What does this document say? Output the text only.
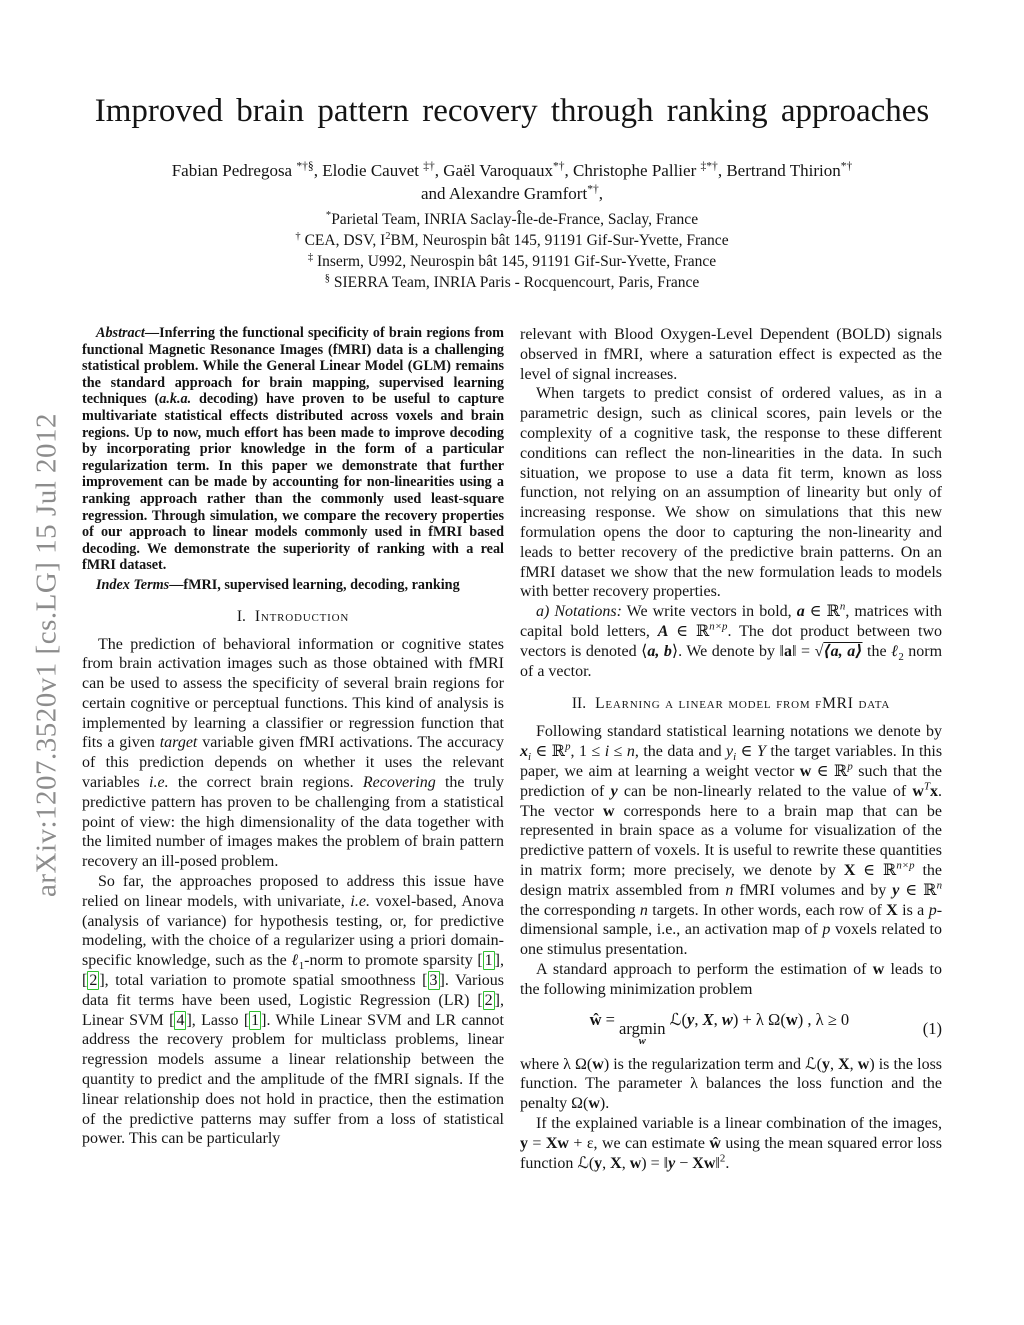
arXiv:1207.3520v1 [cs.LG] 15 Jul 2012
Improved brain pattern recovery through ranking approaches
Fabian Pedregosa *†§, Elodie Cauvet ‡†, Gaël Varoquaux*†, Christophe Pallier ‡*†, Bertrand Thirion*†
and Alexandre Gramfort*†,
*Parietal Team, INRIA Saclay-Île-de-France, Saclay, France
† CEA, DSV, $I^2BM$, Neurospin bât 145, 91191 Gif-Sur-Yvette, France
‡ Inserm, U992, Neurospin bât 145, 91191 Gif-Sur-Yvette, France
§ SIERRA Team, INRIA Paris - Rocquencourt, Paris, France

Abstract—Inferring the functional specificity of brain regions from functional Magnetic Resonance Images (fMRI) data is a challenging statistical problem. While the General Linear Model (GLM) remains the standard approach for brain mapping, supervised learning techniques (a.k.a. decoding) have proven to be useful to capture multivariate statistical effects distributed across voxels and brain regions. Up to now, much effort has been made to improve decoding by incorporating prior knowledge in the form of a particular regularization term. In this paper we demonstrate that further improvement can be made by accounting for non-linearities using a ranking approach rather than the commonly used least-square regression. Through simulation, we compare the recovery properties of our approach to linear models commonly used in fMRI based decoding. We demonstrate the superiority of ranking with a real fMRI dataset.

Index Terms—fMRI, supervised learning, decoding, ranking

I. Introduction

The prediction of behavioral information or cognitive states from brain activation images such as those obtained with fMRI can be used to assess the specificity of several brain regions for certain cognitive or perceptual functions. This kind of analysis is implemented by learning a classifier or regression function that fits a given target variable given fMRI activations. The accuracy of this prediction depends on whether it uses the relevant variables i.e. the correct brain regions. Recovering the truly predictive pattern has proven to be challenging from a statistical point of view: the high dimensionality of the data together with the limited number of images makes the problem of brain pattern recovery an ill-posed problem.

So far, the approaches proposed to address this issue have relied on linear models, with univariate, i.e. voxel-based, Anova (analysis of variance) for hypothesis testing, or, for predictive modeling, with the choice of a regularizer using a priori domain-specific knowledge, such as the ℓ$_1$-norm to promote sparsity [ 1 ], [ 2 ], total variation to promote spatial smoothness [ 3 ]. Various data fit terms have been used, Logistic Regression (LR) [ 2 ], Linear SVM [ 4 ], Lasso [ 1 ]. While Linear SVM and LR cannot address the recovery problem for multiclass problems, linear regression models assume a linear relationship between the quantity to predict and the amplitude of the fMRI signals. If the linear relationship does not hold in practice, then the estimation of the predictive patterns may suffer from a loss of statistical power. This can be particularly

relevant with Blood Oxygen-Level Dependent (BOLD) signals observed in fMRI, where a saturation effect is expected as the level of signal increases.

When targets to predict consist of ordered values, as in a parametric design, such as clinical scores, pain levels or the complexity of a cognitive task, the response to these different conditions can reflect the non-linearities in the data. In such situation, we propose to use a data fit term, known as loss function, not relying on an assumption of linearity but only of increasing response. We show on simulations that this new formulation opens the door to capturing the non-linearity and leads to better recovery of the predictive brain patterns. On an fMRI dataset we show that the new formulation leads to models with better recovery properties.

a) Notations: We write vectors in bold, a ∈ ℝ$^n$, matrices with capital bold letters, A ∈ ℝ$^{n\times p}$. The dot product between two vectors is denoted ⟨a, b⟩. We denote by ‖a‖ = √⟨a, a⟩ the ℓ$_2$ norm of a vector.

II. Learning a linear model from fMRI data

Following standard statistical learning notations we denote by $x_i$ ∈ ℝ$^p$, 1 ≤ i ≤ n, the data and $y_i$ ∈ Y the target variables. In this paper, we aim at learning a weight vector w ∈ ℝ$^p$ such that the prediction of y can be non-linearly related to the value of $w^Tx$. The vector w corresponds here to a brain map that can be represented in brain space as a volume for visualization of the predictive pattern of voxels. It is useful to rewrite these quantities in matrix form; more precisely, we denote by X ∈ ℝ$^{n\times p}$ the design matrix assembled from n fMRI volumes and by y ∈ ℝ$^n$ the corresponding n targets. In other words, each row of X is a p-dimensional sample, i.e., an activation map of p voxels related to one stimulus presentation.

A standard approach to perform the estimation of w leads to the following minimization problem

ŵ = argmin
w
ℒ(y, X, w) + λ Ω(w) , λ ≥ 0	(1)

where λ Ω(w) is the regularization term and ℒ(y, X, w) is the loss function. The parameter λ balances the loss function and the penalty Ω(w).

If the explained variable is a linear combination of the images, y = Xw + ε, we can estimate ŵ using the mean squared error loss function ℒ(y, X, w) = ‖y − Xw‖$^2$.
